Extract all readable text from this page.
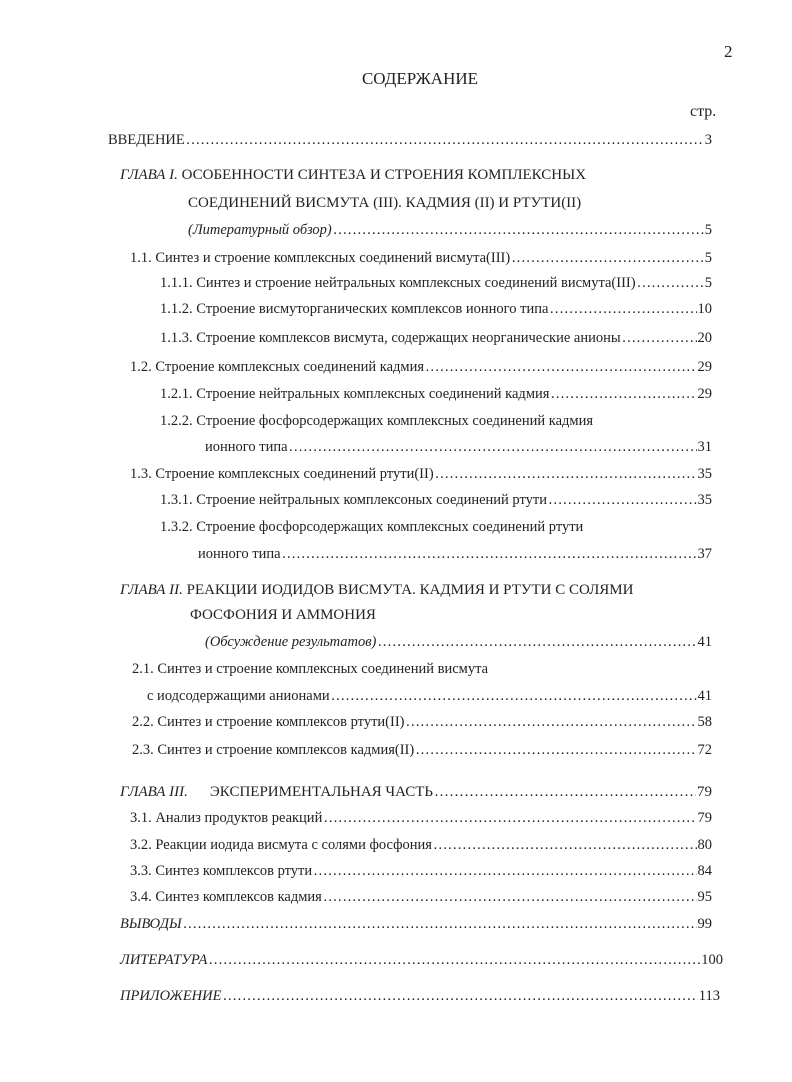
2
СОДЕРЖАНИЕ
стр.
ВВЕДЕНИЕ ……………………………………………………………………………………………………………………………………………………………………………………………………………………………………………………………	3
ГЛАВА I. ОСОБЕННОСТИ СИНТЕЗА И СТРОЕНИЯ КОМПЛЕКСНЫХ
СОЕДИНЕНИЙ ВИСМУТА (III). КАДМИЯ (II) И РТУТИ(II)
(Литературный обзор) ……………………………………………………………………………………………………………………………………………………………………………………………………………………………………………………………	5
1.1. Синтез и строение комплексных соединений висмута(III) ……………………………………………………………………………………………………………………………………………………………………………………………………………………………………………………………	5
1.1.1. Синтез и строение нейтральных комплексных соединений висмута(III) ……………………………………………………………………………………………………………………………………………………………………………………………………………………………………………………………	5
1.1.2. Строение висмуторганических комплексов ионного типа ……………………………………………………………………………………………………………………………………………………………………………………………………………………………………………………………	10
1.1.3. Строение комплексов висмута, содержащих неорганические анионы ……………………………………………………………………………………………………………………………………………………………………………………………………………………………………………………………	20
1.2. Строение комплексных соединений кадмия ……………………………………………………………………………………………………………………………………………………………………………………………………………………………………………………………	29
1.2.1. Строение нейтральных комплексных соединений кадмия ……………………………………………………………………………………………………………………………………………………………………………………………………………………………………………………………	29
1.2.2. Строение фосфорсодержащих комплексных соединений кадмия
ионного типа ……………………………………………………………………………………………………………………………………………………………………………………………………………………………………………………………	31
1.3. Строение комплексных соединений ртути(II) ……………………………………………………………………………………………………………………………………………………………………………………………………………………………………………………………	35
1.3.1. Строение нейтральных комплексоных соединений ртути ……………………………………………………………………………………………………………………………………………………………………………………………………………………………………………………………	35
1.3.2. Строение фосфорсодержащих комплексных соединений ртути
ионного типа ……………………………………………………………………………………………………………………………………………………………………………………………………………………………………………………………	37
ГЛАВА II. РЕАКЦИИ ИОДИДОВ ВИСМУТА. КАДМИЯ И РТУТИ С СОЛЯМИ
ФОСФОНИЯ И АММОНИЯ
(Обсуждение результатов) ……………………………………………………………………………………………………………………………………………………………………………………………………………………………………………………………	41
2.1. Синтез и строение комплексных соединений висмута
с иодсодержащими анионами ……………………………………………………………………………………………………………………………………………………………………………………………………………………………………………………………	41
2.2. Синтез и строение комплексов ртути(II) ……………………………………………………………………………………………………………………………………………………………………………………………………………………………………………………………	58
2.3. Синтез и строение комплексов кадмия(II) ……………………………………………………………………………………………………………………………………………………………………………………………………………………………………………………………	72
ГЛАВА III. ЭКСПЕРИМЕНТАЛЬНАЯ ЧАСТЬ ……………………………………………………………………………………………………………………………………………………………………………………………………………………………………………………………	79
3.1. Анализ продуктов реакций ……………………………………………………………………………………………………………………………………………………………………………………………………………………………………………………………	79
3.2. Реакции иодида висмута с солями фосфония ……………………………………………………………………………………………………………………………………………………………………………………………………………………………………………………………	80
3.3. Синтез комплексов ртути ……………………………………………………………………………………………………………………………………………………………………………………………………………………………………………………………	84
3.4. Синтез комплексов кадмия ……………………………………………………………………………………………………………………………………………………………………………………………………………………………………………………………	95
ВЫВОДЫ ……………………………………………………………………………………………………………………………………………………………………………………………………………………………………………………………	99
ЛИТЕРАТУРА ……………………………………………………………………………………………………………………………………………………………………………………………………………………………………………………………	100
ПРИЛОЖЕНИЕ ……………………………………………………………………………………………………………………………………………………………………………………………………………………………………………………………	113
